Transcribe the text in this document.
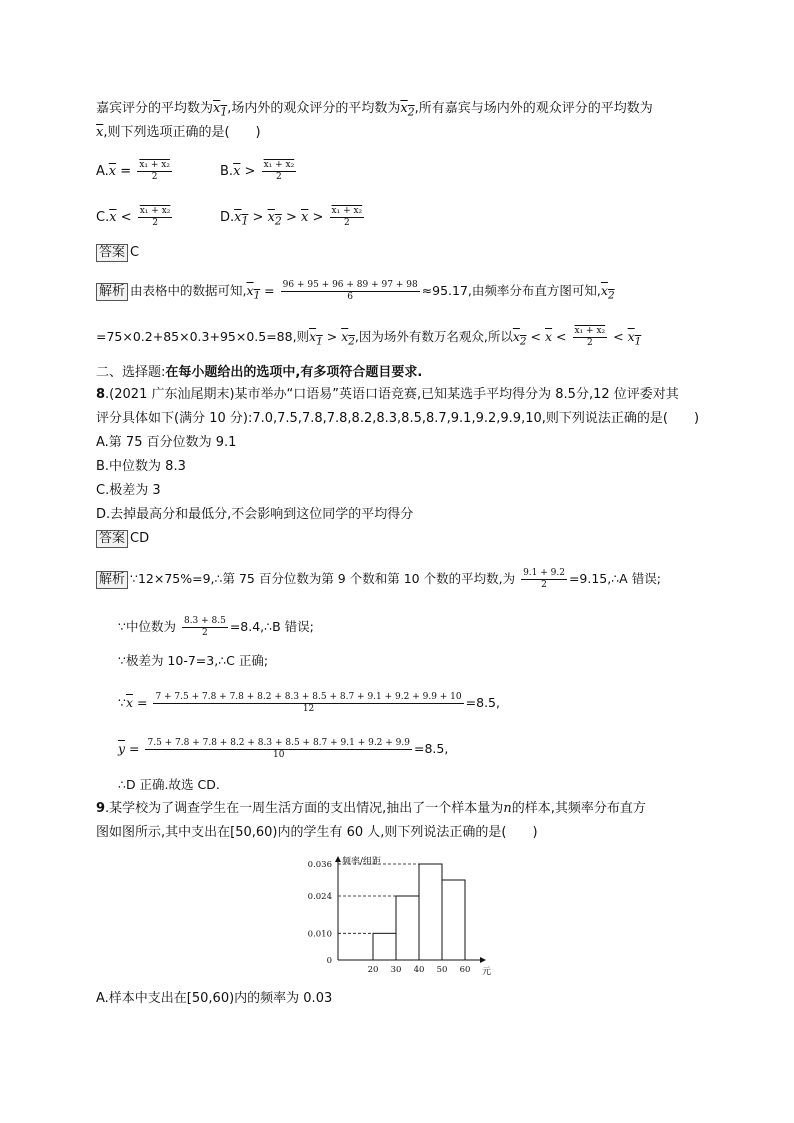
嘉宾评分的平均数为$x_1$,场内外的观众评分的平均数为$x_2$,所有嘉宾与场内外的观众评分的平均数为
$\overline{x}$,则下列选项正确的是(　　)
$A.\overline{x} = \frac{\text{x₁ + x₂}}{2}$	$B.\overline{x} > \frac{\text{x₁ + x₂}}{2}$
$C.\overline{x} < \frac{\text{x₁ + x₂}}{2}$	$D.x_1 > x_2 > \overline{x} > \frac{\text{x₁ + x₂}}{2}$
答案 C
解析 由表格中的数据可知$,x_1 = \frac{96 + 95 + 96 + 89 + 97 + 98}{6} \approx 95.17$,由频率分布直方图可知$,x_2$
=75×0.2+85×0.3+95×0.5=88,则$x_1 > x_2$,因为场外有数万名观众,所以$x_2 < \overline{x} < \frac{\text{x₁ + x₂}}{2} < x_1$
二、选择题:在每小题给出的选项中,有多项符合题目要求.
8.(2021 广东汕尾期末)某市举办“口语易”英语口语竞赛,已知某选手平均得分为 8.5分,12 位评委对其
评分具体如下(满分 10 分):7.0,7.5,7.8,7.8,8.2,8.3,8.5,8.7,9.1,9.2,9.9,10,则下列说法正确的是(　　)
A.第 75 百分位数为 9.1
B.中位数为 8.3
C.极差为 3
D.去掉最高分和最低分,不会影响到这位同学的平均得分
答案 CD
解析 ∵12×75%=9,∴第 75 百分位数为第 9 个数和第 10 个数的平均数,为 $\frac{9.1 + 9.2}{2}$ =9.15,∴A 错误;
∵中位数为 $\frac{8.3 + 8.5}{2}$ =8.4,∴B 错误;
∵极差为 10-7=3,∴C 正确;
$\because\overline{x} = 7 + 7.5 + 7.8 + 7.8 + 8.2 + 8.3 + 8.5 + 8.7 + 9.1 + 9.2 + 9.9 + 10$
12	=8.5,
$\overline{y} = \frac{7.5 + 7.8 + 7.8 + 8.2 + 8.3 + 8.5 + 8.7 + 9.1 + 9.2 + 9.9}{10} =8.5$,
∴D 正确.故选 CD.
9.某学校为了调查学生在一周生活方面的支出情况,抽出了一个样本量为n的样本,其频率分布直方
图如图所示,其中支出在[50,60)内的学生有 60 人,则下列说法正确的是(　　)
0
0.010
0.024
0.036
20 30 40 50 60 元
频率/组距
A.样本中支出在[50,60)内的频率为 0.03
